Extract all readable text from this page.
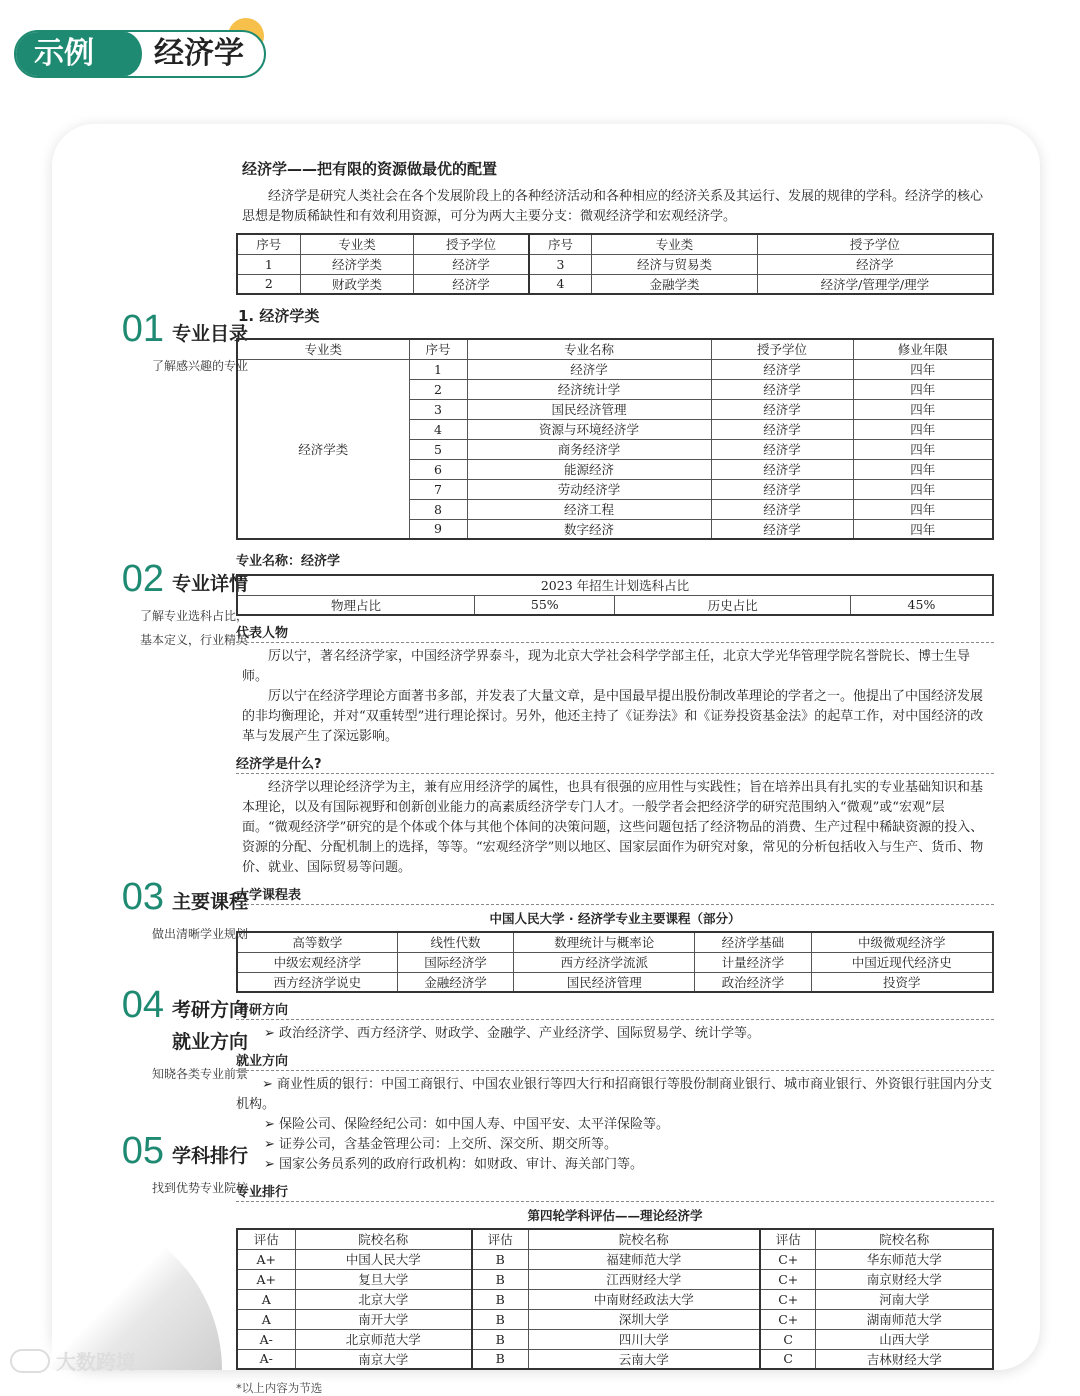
示例	经济学
01 专业目录
了解感兴趣的专业
02 专业详情
了解专业选科占比，
基本定义，行业精英
03 主要课程
做出清晰学业规划
04 考研方向
就业方向
知晓各类专业前景
05 学科排行
找到优势专业院校
经济学——把有限的资源做最优的配置

经济学是研究人类社会在各个发展阶段上的各种经济活动和各种相应的经济关系及其运行、发展的规律的学科。经济学的核心思想是物质稀缺性和有效利用资源，可分为两大主要分支：微观经济学和宏观经济学。

序号	专业类	授予学位	序号	专业类	授予学位
1	经济学类	经济学	3	经济与贸易类	经济学
2	财政学类	经济学	4	金融学类	经济学/管理学/理学
1. 经济学类
专业类	序号	专业名称	授予学位	修业年限
经济学类	1	经济学	经济学	四年
	2	经济统计学	经济学	四年
	3	国民经济管理	经济学	四年
	4	资源与环境经济学	经济学	四年
	5	商务经济学	经济学	四年
	6	能源经济	经济学	四年
	7	劳动经济学	经济学	四年
	8	经济工程	经济学	四年
	9	数字经济	经济学	四年
专业名称：经济学
2023 年招生计划选科占比
物理占比	55%	历史占比	45%
代表人物

厉以宁，著名经济学家，中国经济学界泰斗，现为北京大学社会科学学部主任，北京大学光华管理学院名誉院长、博士生导师。

厉以宁在经济学理论方面著书多部，并发表了大量文章，是中国最早提出股份制改革理论的学者之一。他提出了中国经济发展的非均衡理论，并对“双重转型”进行理论探讨。另外，他还主持了《证券法》和《证券投资基金法》的起草工作，对中国经济的改革与发展产生了深远影响。

经济学是什么?

经济学以理论经济学为主，兼有应用经济学的属性，也具有很强的应用性与实践性；旨在培养出具有扎实的专业基础知识和基本理论，以及有国际视野和创新创业能力的高素质经济学专门人才。一般学者会把经济学的研究范围纳入“微观”或“宏观”层面。“微观经济学”研究的是个体或个体与其他个体间的决策问题，这些问题包括了经济物品的消费、生产过程中稀缺资源的投入、资源的分配、分配机制上的选择，等等。“宏观经济学”则以地区、国家层面作为研究对象，常见的分析包括收入与生产、货币、物价、就业、国际贸易等问题。

大学课程表
中国人民大学 · 经济学专业主要课程（部分）
高等数学	线性代数	数理统计与概率论	经济学基础	中级微观经济学
中级宏观经济学	国际经济学	西方经济学流派	计量经济学	中国近现代经济史
西方经济学说史	金融经济学	国民经济管理	政治经济学	投资学
考研方向
➢ 政治经济学、西方经济学、财政学、金融学、产业经济学、国际贸易学、统计学等。
就业方向
➢ 商业性质的银行：中国工商银行、中国农业银行等四大行和招商银行等股份制商业银行、城市商业银行、外资银行驻国内分支机构。
➢ 保险公司、保险经纪公司：如中国人寿、中国平安、太平洋保险等。
➢ 证券公司，含基金管理公司：上交所、深交所、期交所等。
➢ 国家公务员系列的政府行政机构：如财政、审计、海关部门等。
专业排行
第四轮学科评估——理论经济学
评估	院校名称	评估	院校名称	评估	院校名称
A+	中国人民大学	B	福建师范大学	C+	华东师范大学
A+	复旦大学	B	江西财经大学	C+	南京财经大学
A	北京大学	B	中南财经政法大学	C+	河南大学
A	南开大学	B	深圳大学	C+	湖南师范大学
A-	北京师范大学	B	四川大学	C	山西大学
A-	南京大学	B	云南大学	C	吉林财经大学
*以上内容为节选
大数跨境
